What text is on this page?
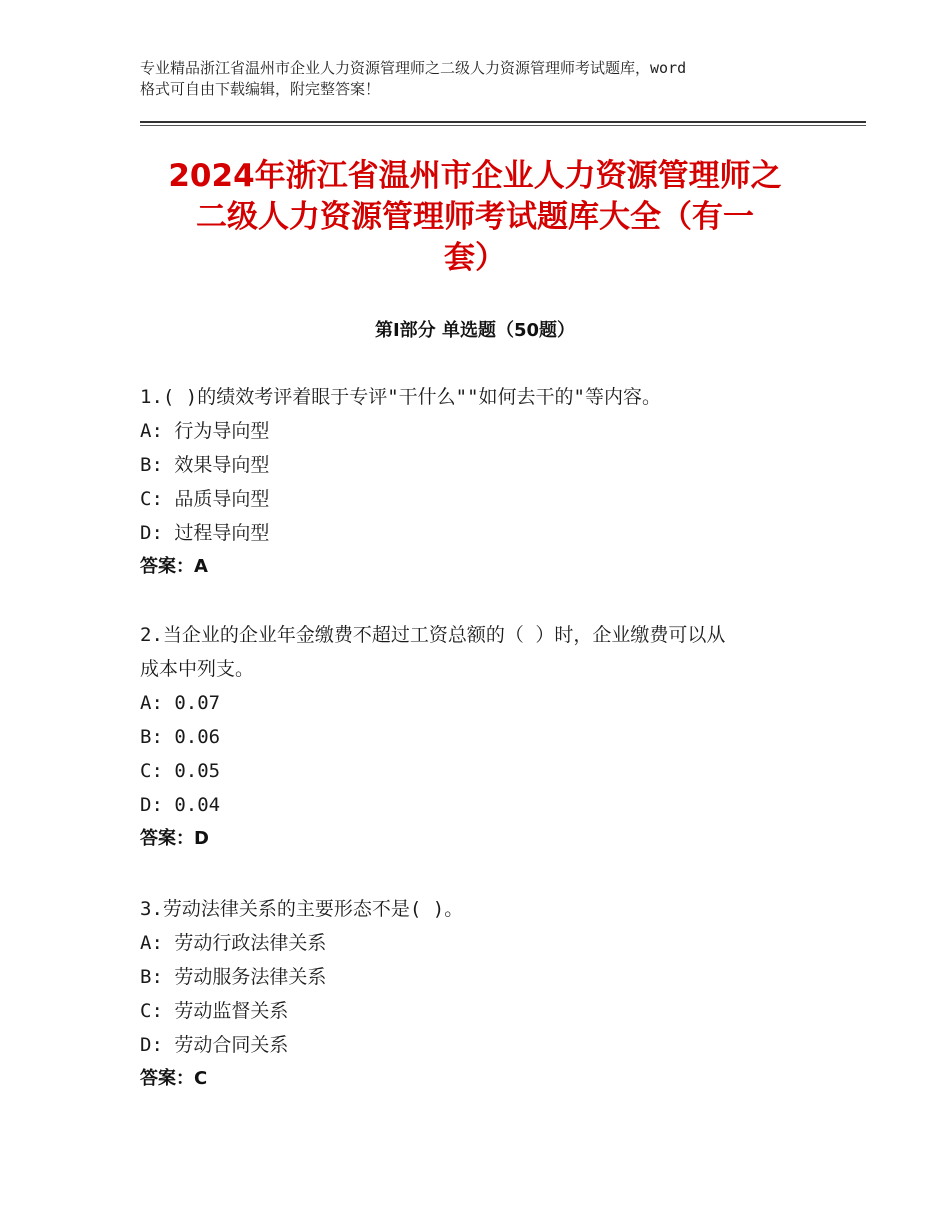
专业精品浙江省温州市企业人力资源管理师之二级人力资源管理师考试题库，word
格式可自由下载编辑，附完整答案！
2024年浙江省温州市企业人力资源管理师之
二级人力资源管理师考试题库大全（有一
套）
第Ⅰ部分 单选题（50题）
1.( )的绩效考评着眼于专评"干什么""如何去干的"等内容。
A: 行为导向型
B: 效果导向型
C: 品质导向型
D: 过程导向型
答案：A
2.当企业的企业年金缴费不超过工资总额的（ ）时，企业缴费可以从
成本中列支。
A: 0.07
B: 0.06
C: 0.05
D: 0.04
答案：D
3.劳动法律关系的主要形态不是( )。
A: 劳动行政法律关系
B: 劳动服务法律关系
C: 劳动监督关系
D: 劳动合同关系
答案：C
